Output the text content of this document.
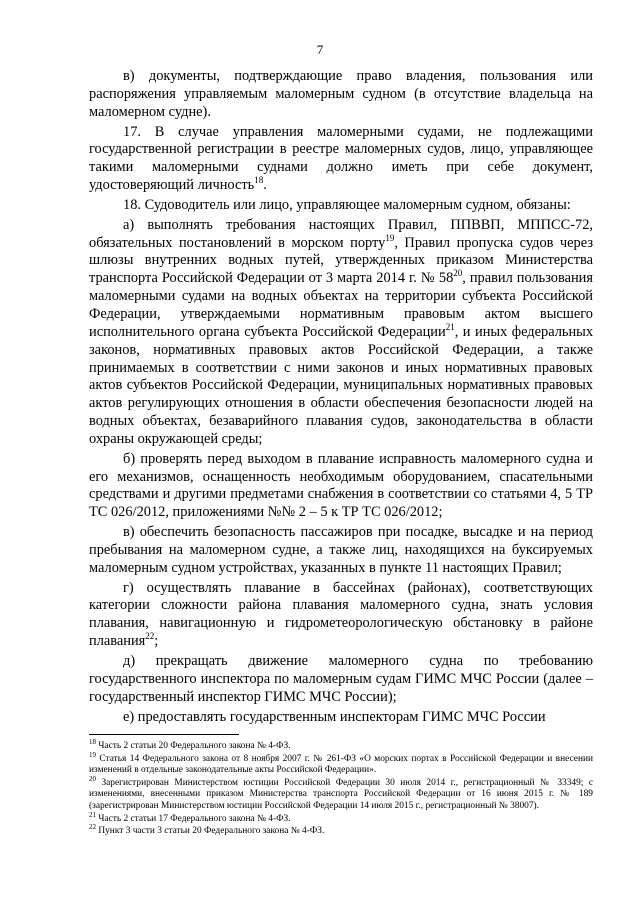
7

в) документы, подтверждающие право владения, пользования или распоряжения управляемым маломерным судном (в отсутствие владельца на маломерном судне).

17. В случае управления маломерными судами, не подлежащими государственной регистрации в реестре маломерных судов, лицо, управляющее такими маломерными суднами должно иметь при себе документ, удостоверяющий личность$^{18}$.

18. Судоводитель или лицо, управляющее маломерным судном, обязаны:

а) выполнять требования настоящих Правил, ППВВП, МППСС-72, обязательных постановлений в морском порту$^{19}$, Правил пропуска судов через шлюзы внутренних водных путей, утвержденных приказом Министерства транспорта Российской Федерации от 3 марта 2014 г. № $58^{20}$, правил пользования маломерными судами на водных объектах на территории субъекта Российской Федерации, утверждаемыми нормативным правовым актом высшего исполнительного органа субъекта Российской Федерации$^{21}$, и иных федеральных законов, нормативных правовых актов Российской Федерации, а также принимаемых в соответствии с ними законов и иных нормативных правовых актов субъектов Российской Федерации, муниципальных нормативных правовых актов регулирующих отношения в области обеспечения безопасности людей на водных объектах, безаварийного плавания судов, законодательства в области охраны окружающей среды;

б) проверять перед выходом в плавание исправность маломерного судна и его механизмов, оснащенность необходимым оборудованием, спасательными средствами и другими предметами снабжения в соответствии со статьями 4, 5 ТР ТС 026/2012, приложениями №№ 2 – 5 к ТР ТС 026/2012;

в) обеспечить безопасность пассажиров при посадке, высадке и на период пребывания на маломерном судне, а также лиц, находящихся на буксируемых маломерным судном устройствах, указанных в пункте 11 настоящих Правил;

г) осуществлять плавание в бассейнах (районах), соответствующих категории сложности района плавания маломерного судна, знать условия плавания, навигационную и гидрометеорологическую обстановку в районе плавания$^{22}$;

д) прекращать движение маломерного судна по требованию государственного инспектора по маломерным судам ГИМС МЧС России (далее – государственный инспектор ГИМС МЧС России);

е) предоставлять государственным инспекторам ГИМС МЧС России

$^{18}$ Часть 2 статьи 20 Федерального закона № 4-ФЗ.

$^{19}$ Статья 14 Федерального закона от 8 ноября 2007 г. № 261-ФЗ «О морских портах в Российской Федерации и внесении изменений в отдельные законодательные акты Российской Федерации».

$^{20}$ Зарегистрирован Министерством юстиции Российской Федерации 30 июля 2014 г., регистрационный № 33349; с изменениями, внесенными приказом Министерства транспорта Российской Федерации от 16 июня 2015 г. № 189 (зарегистрирован Министерством юстиции Российской Федерации 14 июля 2015 г., регистрационный № 38007).

$^{21}$ Часть 2 статьи 17 Федерального закона № 4-ФЗ.

$^{22}$ Пункт 3 части 3 статьи 20 Федерального закона № 4-ФЗ.
